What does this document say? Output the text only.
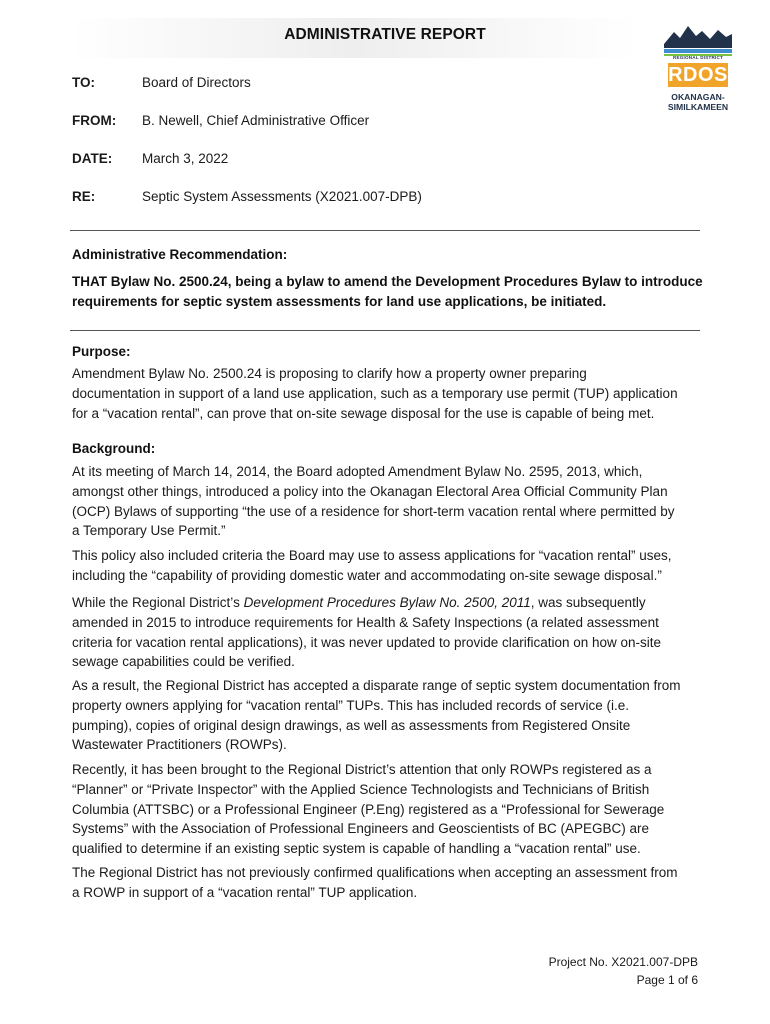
ADMINISTRATIVE REPORT
REGIONAL DISTRICT
RDOS
OKANAGAN-
SIMILKAMEEN
TO:	Board of Directors
FROM: B. Newell, Chief Administrative Officer
DATE: March 3, 2022
RE:	Septic System Assessments (X2021.007-DPB)
Administrative Recommendation:
THAT Bylaw No. 2500.24, being a bylaw to amend the Development Procedures Bylaw to introduce
requirements for septic system assessments for land use applications, be initiated.
Purpose:
Amendment Bylaw No. 2500.24 is proposing to clarify how a property owner preparing
documentation in support of a land use application, such as a temporary use permit (TUP) application
for a “vacation rental”, can prove that on-site sewage disposal for the use is capable of being met.
Background:
At its meeting of March 14, 2014, the Board adopted Amendment Bylaw No. 2595, 2013, which,
amongst other things, introduced a policy into the Okanagan Electoral Area Official Community Plan
(OCP) Bylaws of supporting “the use of a residence for short-term vacation rental where permitted by
a Temporary Use Permit.”
This policy also included criteria the Board may use to assess applications for “vacation rental” uses,
including the “capability of providing domestic water and accommodating on-site sewage disposal.”
While the Regional District’s Development Procedures Bylaw No. 2500, 2011, was subsequently
amended in 2015 to introduce requirements for Health & Safety Inspections (a related assessment
criteria for vacation rental applications), it was never updated to provide clarification on how on-site
sewage capabilities could be verified.
As a result, the Regional District has accepted a disparate range of septic system documentation from
property owners applying for “vacation rental” TUPs. This has included records of service (i.e.
pumping), copies of original design drawings, as well as assessments from Registered Onsite
Wastewater Practitioners (ROWPs).
Recently, it has been brought to the Regional District’s attention that only ROWPs registered as a
“Planner” or “Private Inspector” with the Applied Science Technologists and Technicians of British
Columbia (ATTSBC) or a Professional Engineer (P.Eng) registered as a “Professional for Sewerage
Systems” with the Association of Professional Engineers and Geoscientists of BC (APEGBC) are
qualified to determine if an existing septic system is capable of handling a “vacation rental” use.
The Regional District has not previously confirmed qualifications when accepting an assessment from
a ROWP in support of a “vacation rental” TUP application.
Project No. X2021.007-DPB
Page 1 of 6
